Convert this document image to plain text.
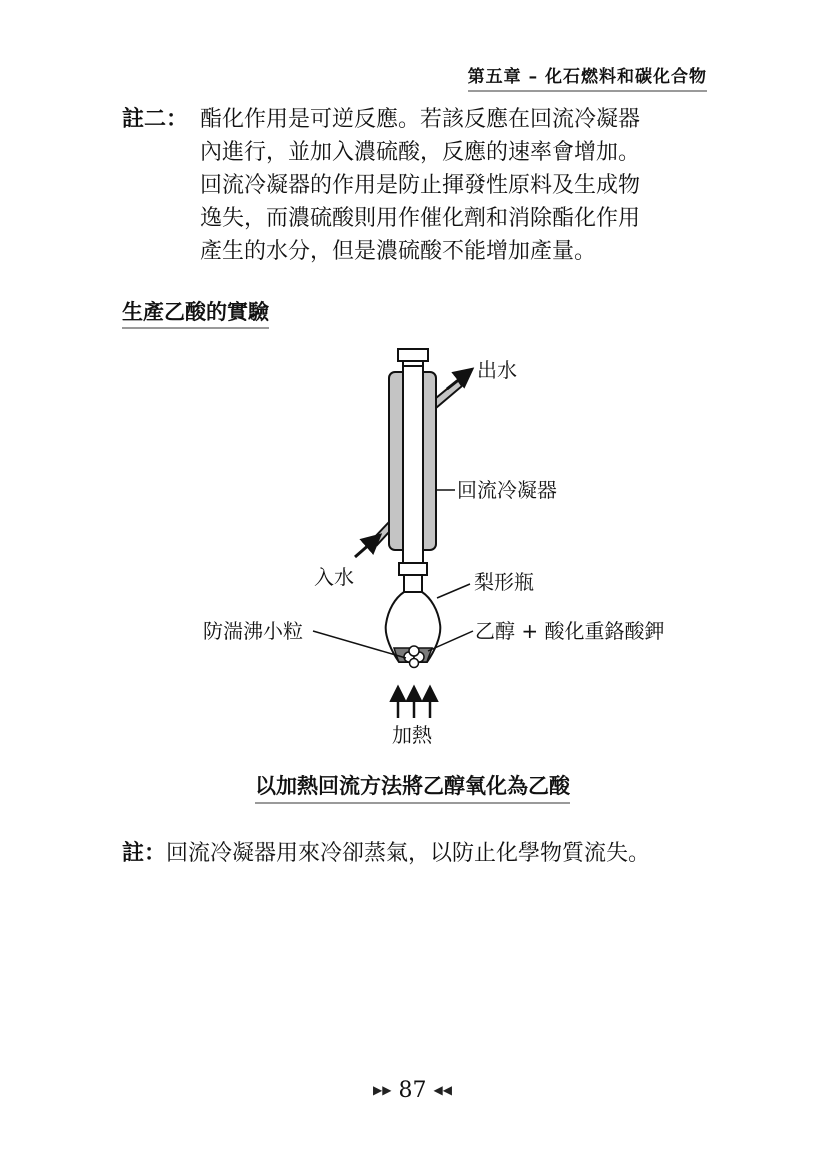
第五章 – 化石燃料和碳化合物
註二： 酯化作用是可逆反應。若該反應在回流冷凝器
內進行，並加入濃硫酸，反應的速率會增加。
回流冷凝器的作用是防止揮發性原料及生成物
逸失，而濃硫酸則用作催化劑和消除酯化作用
產生的水分，但是濃硫酸不能增加產量。
生產乙酸的實驗
出水
回流冷凝器
入水	梨形瓶
防湍沸小粒	乙醇 + 酸化重鉻酸鉀
加熱
以加熱回流方法將乙醇氧化為乙酸
註：回流冷凝器用來冷卻蒸氣，以防止化學物質流失。
▶▶ 87 ◀◀
